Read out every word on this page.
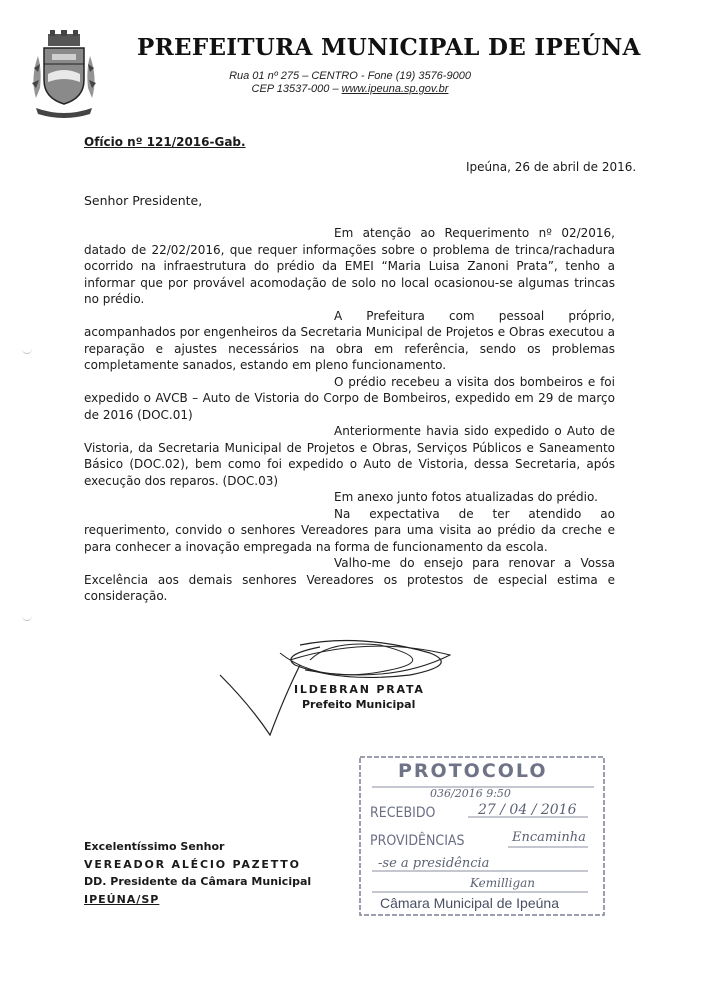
PREFEITURA MUNICIPAL DE IPEÚNA
Rua 01 nº 275 – CENTRO - Fone (19) 3576-9000
CEP 13537-000 – www.ipeuna.sp.gov.br
Ofício nº 121/2016-Gab.
Ipeúna, 26 de abril de 2016.
Senhor Presidente,

Em atenção ao Requerimento nº 02/2016, datado de 22/02/2016, que requer informações sobre o problema de trinca/rachadura ocorrido na infraestrutura do prédio da EMEI “Maria Luisa Zanoni Prata”, tenho a informar que por provável acomodação de solo no local ocasionou-se algumas trincas no prédio.

A Prefeitura com pessoal próprio, acompanhados por engenheiros da Secretaria Municipal de Projetos e Obras executou a reparação e ajustes necessários na obra em referência, sendo os problemas completamente sanados, estando em pleno funcionamento.

O prédio recebeu a visita dos bombeiros e foi expedido o AVCB – Auto de Vistoria do Corpo de Bombeiros, expedido em 29 de março de 2016 (DOC.01)

Anteriormente havia sido expedido o Auto de Vistoria, da Secretaria Municipal de Projetos e Obras, Serviços Públicos e Saneamento Básico (DOC.02), bem como foi expedido o Auto de Vistoria, dessa Secretaria, após execução dos reparos. (DOC.03)

Em anexo junto fotos atualizadas do prédio.

Na expectativa de ter atendido ao requerimento, convido o senhores Vereadores para uma visita ao prédio da creche e para conhecer a inovação empregada na forma de funcionamento da escola.

Valho-me do ensejo para renovar a Vossa Excelência aos demais senhores Vereadores os protestos de especial estima e consideração.

ILDEBRAN PRATA
Prefeito Municipal
Excelentíssimo Senhor
VEREADOR ALÉCIO PAZETTO
DD. Presidente da Câmara Municipal
IPEÚNA/SP
PROTOCOLO
036/2016 9:50
RECEBIDO	27 / 04 / 2016
PROVIDÊNCIAS	Encaminha
-se a presidência
Kemilligan
Câmara Municipal de Ipeúna
